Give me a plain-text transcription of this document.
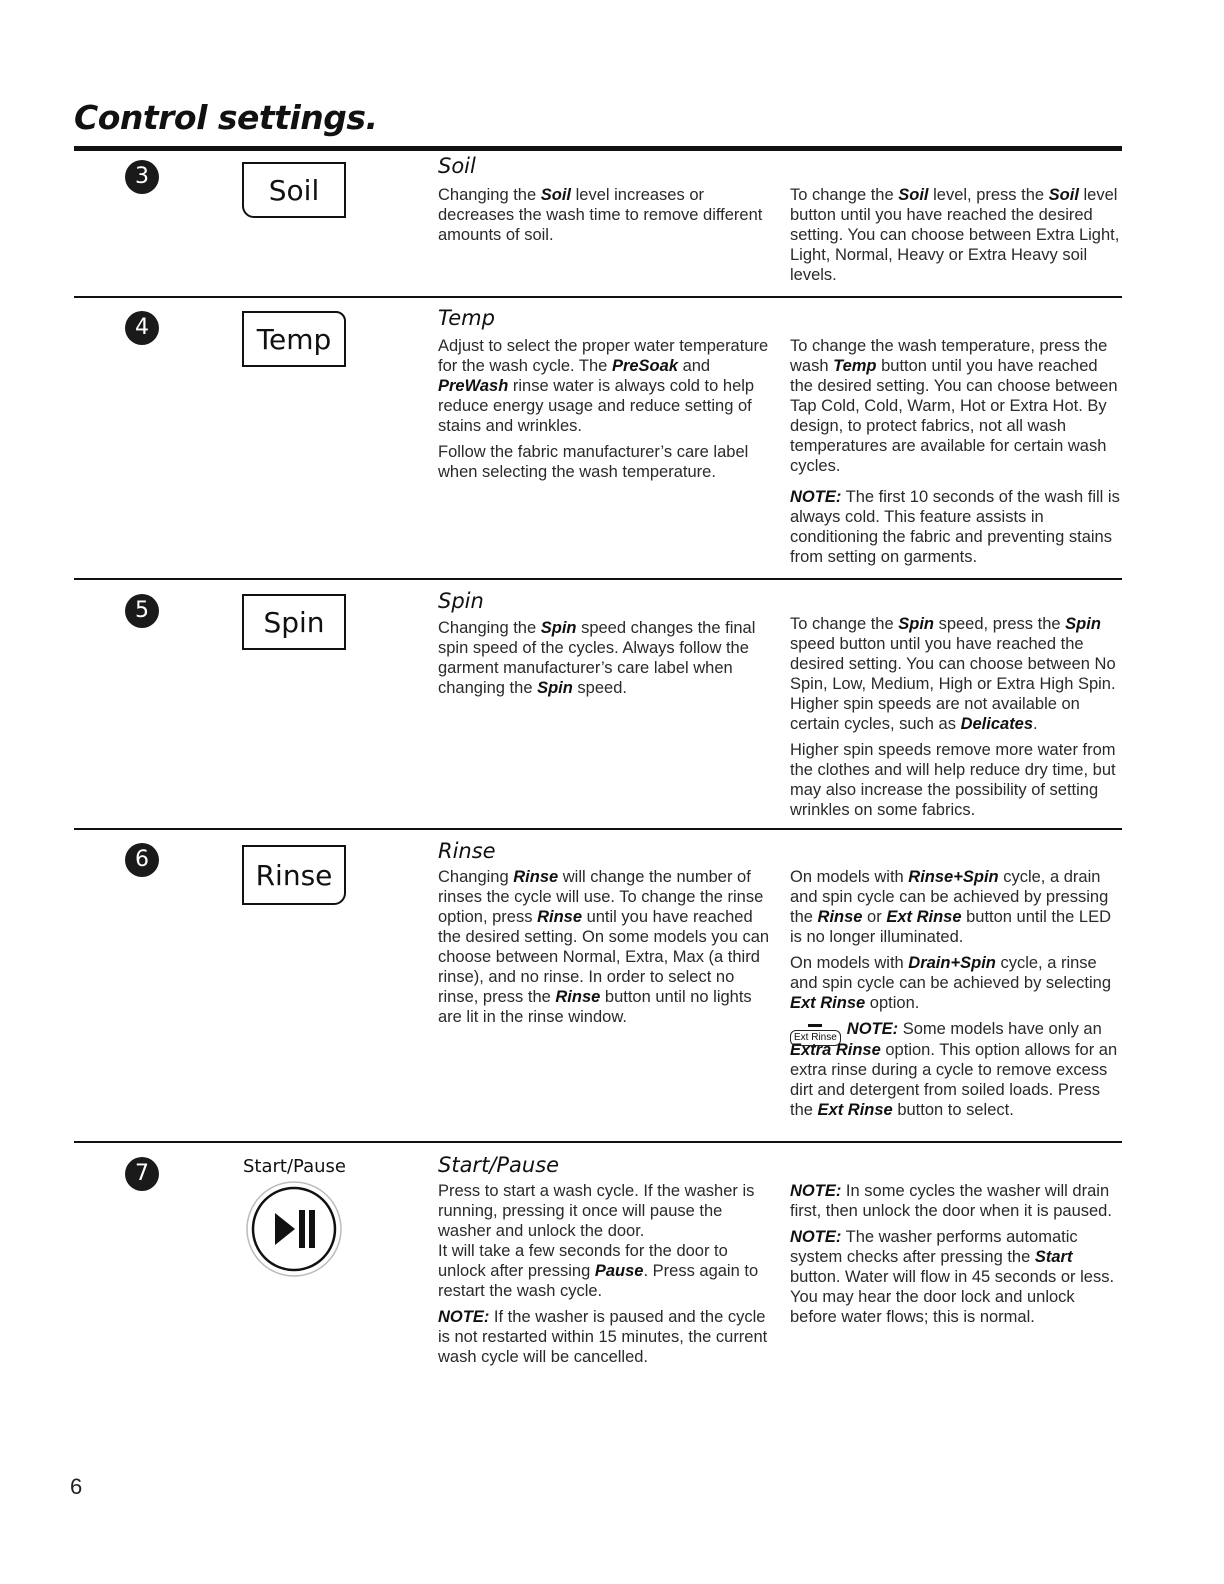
Control settings.
3	Soil
Soil

Changing the Soil level increases or decreases the wash time to remove different amounts of soil.

To change the Soil level, press the Soil level button until you have reached the desired setting. You can choose between Extra Light, Light, Normal, Heavy or Extra Heavy soil levels.

4	Temp
Temp

Adjust to select the proper water temperature for the wash cycle. The PreSoak and PreWash rinse water is always cold to help reduce energy usage and reduce setting of stains and wrinkles.

Follow the fabric manufacturer’s care label when selecting the wash temperature.

To change the wash temperature, press the wash Temp button until you have reached the desired setting. You can choose between Tap Cold, Cold, Warm, Hot or Extra Hot. By design, to protect fabrics, not all wash temperatures are available for certain wash cycles.

NOTE: The first 10 seconds of the wash fill is always cold. This feature assists in conditioning the fabric and preventing stains from setting on garments.

5	Spin
Spin

Changing the Spin speed changes the final spin speed of the cycles. Always follow the garment manufacturer’s care label when changing the Spin speed.

To change the Spin speed, press the Spin speed button until you have reached the desired setting. You can choose between No Spin, Low, Medium, High or Extra High Spin. Higher spin speeds are not available on certain cycles, such as Delicates.

Higher spin speeds remove more water from the clothes and will help reduce dry time, but may also increase the possibility of setting wrinkles on some fabrics.

6	Rinse
Rinse

Changing Rinse will change the number of rinses the cycle will use. To change the rinse option, press Rinse until you have reached the desired setting. On some models you can choose between Normal, Extra, Max (a third rinse), and no rinse. In order to select no rinse, press the Rinse button until no lights are lit in the rinse window.

On models with Rinse+Spin cycle, a drain and spin cycle can be achieved by pressing the Rinse or Ext Rinse button until the LED is no longer illuminated.

On models with Drain+Spin cycle, a rinse and spin cycle can be achieved by selecting Ext Rinse option.

Ext Rinse NOTE: Some models have only an Extra Rinse option. This option allows for an extra rinse during a cycle to remove excess dirt and detergent from soiled loads. Press the Ext Rinse button to select.

7	Start/Pause	Start/Pause

Press to start a wash cycle. If the washer is running, pressing it once will pause the washer and unlock the door.

It will take a few seconds for the door to unlock after pressing Pause. Press again to restart the wash cycle.

NOTE: If the washer is paused and the cycle is not restarted within 15 minutes, the current wash cycle will be cancelled.

NOTE: In some cycles the washer will drain first, then unlock the door when it is paused.

NOTE: The washer performs automatic system checks after pressing the Start button. Water will flow in 45 seconds or less. You may hear the door lock and unlock before water flows; this is normal.

6
